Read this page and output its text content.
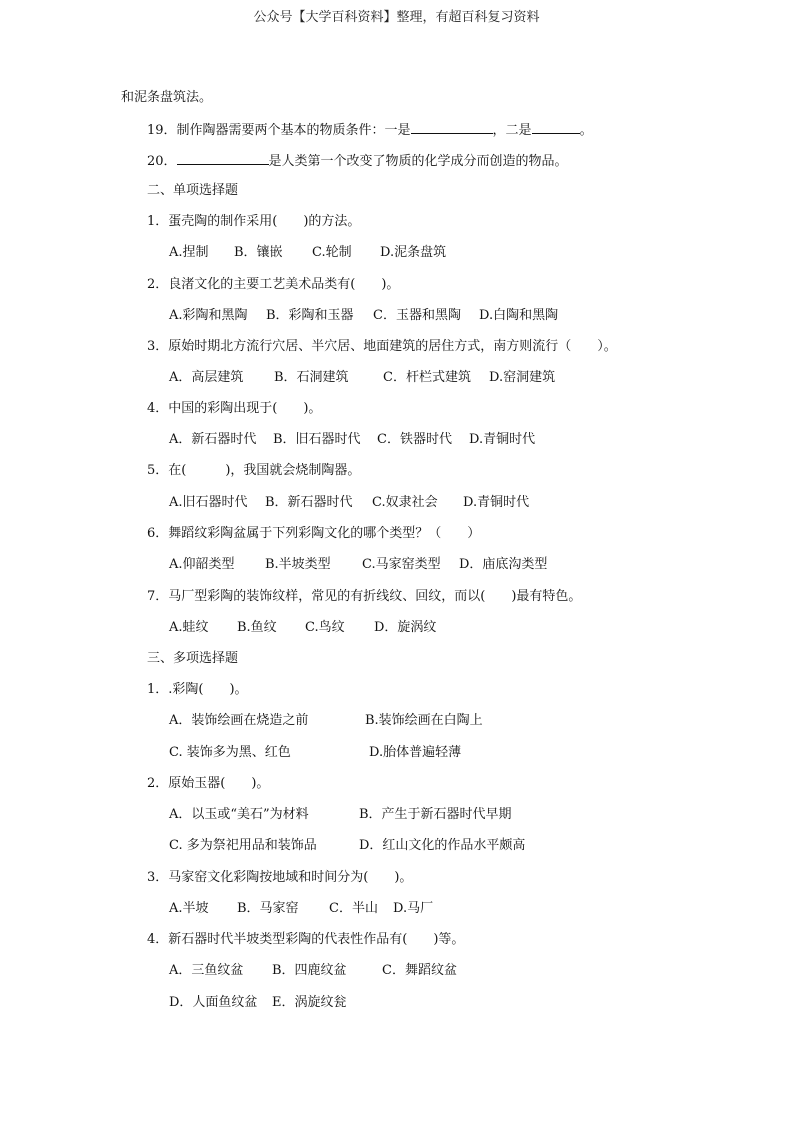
公众号【大学百科资料】整理，有超百科复习资料
和泥条盘筑法。
19．制作陶器需要两个基本的物质条件：一是	，二是	。
20．	是人类第一个改变了物质的化学成分而创造的物品。
二、单项选择题
1．蛋壳陶的制作采用(　　)的方法。
A.捏制 B．镶嵌 C.轮制 D.泥条盘筑
2．良渚文化的主要工艺美术品类有(　　)。
A.彩陶和黑陶 B．彩陶和玉器 C．玉器和黑陶 D.白陶和黑陶
3．原始时期北方流行穴居、半穴居、地面建筑的居住方式，南方则流行（　　）。
A．高层建筑 B．石洞建筑	C．杆栏式建筑 D.窑洞建筑
4．中国的彩陶出现于(　　)。
A．新石器时代 B．旧石器时代 C．铁器时代 D.青铜时代
5．在(　　　)，我国就会烧制陶器。
A.旧石器时代 B．新石器时代 C.奴隶社会 D.青铜时代
6．舞蹈纹彩陶盆属于下列彩陶文化的哪个类型？（　　）
A.仰韶类型 B.半坡类型 C.马家窑类型 D．庙底沟类型
7．马厂型彩陶的装饰纹样，常见的有折线纹、回纹，而以(　　)最有特色。
A.蛙纹 B.鱼纹 C.鸟纹 D．旋涡纹
三、多项选择题
1．.彩陶(　　)。
A．装饰绘画在烧造之前	B.装饰绘画在白陶上
C. 装饰多为黑、红色	D.胎体普遍轻薄
2．原始玉器(　　)。
A．以玉或“美石”为材料	B．产生于新石器时代早期
C. 多为祭祀用品和装饰品	D．红山文化的作品水平颇高
3．马家窑文化彩陶按地域和时间分为(　　)。
A.半坡 B．马家窑 C．半山 D.马厂
4．新石器时代半坡类型彩陶的代表性作品有(　　)等。
A．三鱼纹盆 B．四鹿纹盆	C．舞蹈纹盆
D．人面鱼纹盆 E．涡旋纹瓮
